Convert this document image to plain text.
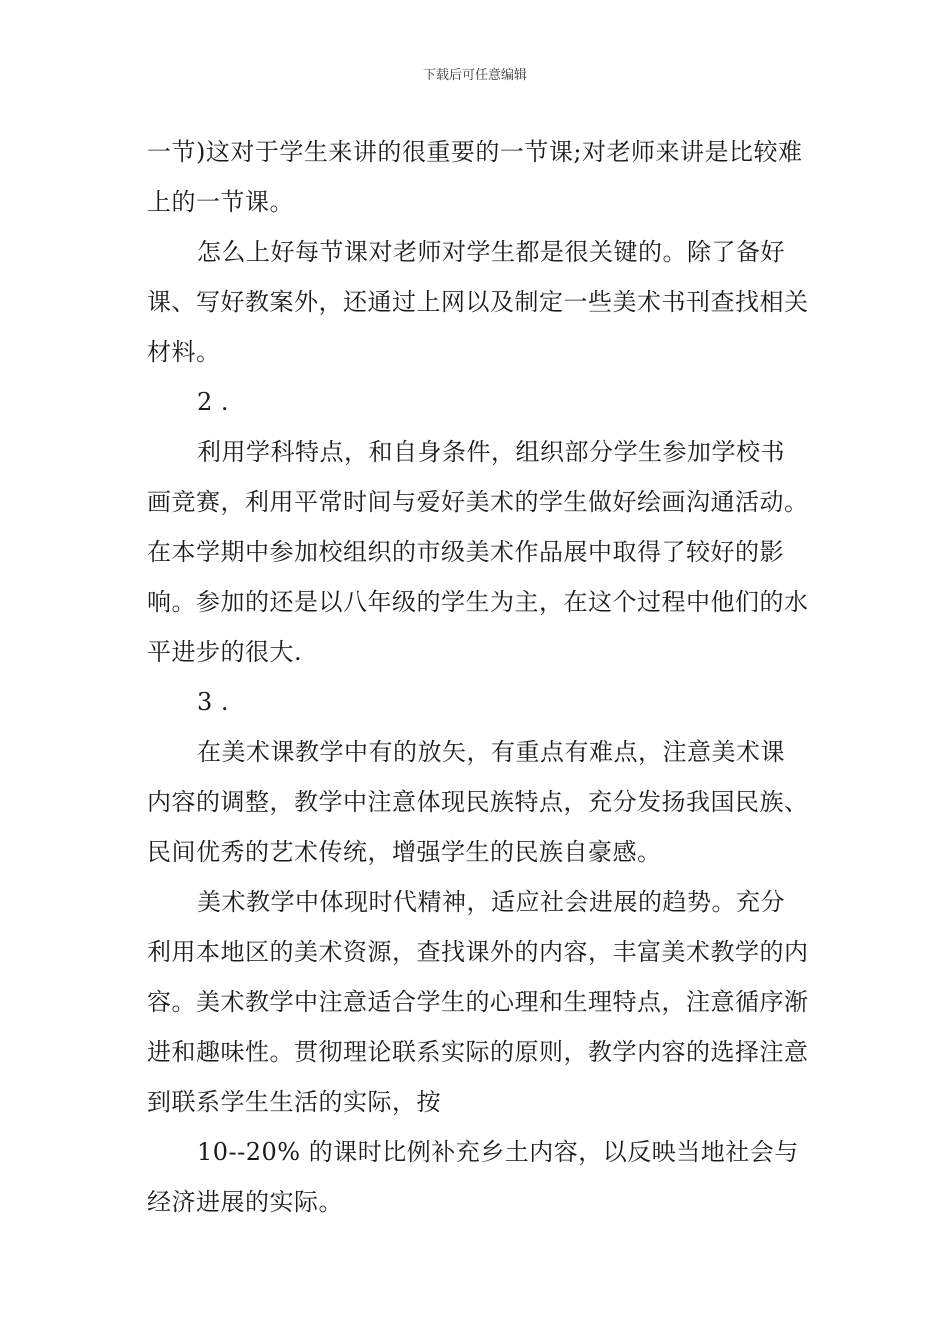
下载后可任意编辑

一节)这对于学生来讲的很重要的一节课;对老师来讲是比较难上的一节课。

怎么上好每节课对老师对学生都是很关键的。除了备好课、写好教案外，还通过上网以及制定一些美术书刊查找相关材料。

2 .

利用学科特点，和自身条件，组织部分学生参加学校书画竞赛，利用平常时间与爱好美术的学生做好绘画沟通活动。在本学期中参加校组织的市级美术作品展中取得了较好的影响。参加的还是以八年级的学生为主，在这个过程中他们的水平进步的很大.

3 .

在美术课教学中有的放矢，有重点有难点，注意美术课内容的调整，教学中注意体现民族特点，充分发扬我国民族、民间优秀的艺术传统，增强学生的民族自豪感。

美术教学中体现时代精神，适应社会进展的趋势。充分利用本地区的美术资源，查找课外的内容，丰富美术教学的内容。美术教学中注意适合学生的心理和生理特点，注意循序渐进和趣味性。贯彻理论联系实际的原则，教学内容的选择注意到联系学生生活的实际，按

10--20% 的课时比例补充乡土内容，以反映当地社会与经济进展的实际。
